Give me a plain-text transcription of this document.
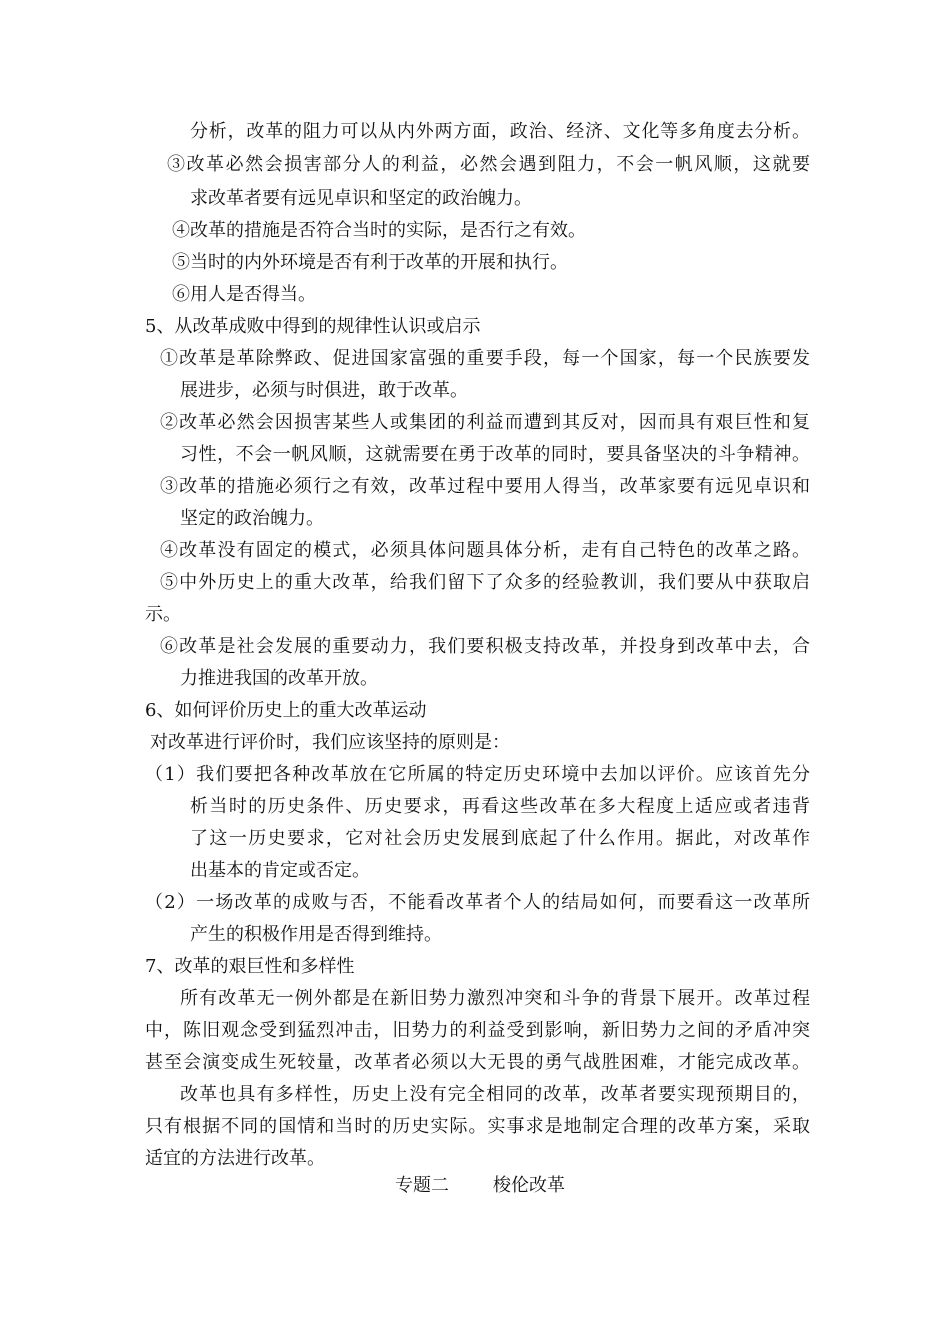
分析，改革的阻力可以从内外两方面，政治、经济、文化等多角度去分析。
③改革必然会损害部分人的利益，必然会遇到阻力，不会一帆风顺，这就要
求改革者要有远见卓识和坚定的政治魄力。
④改革的措施是否符合当时的实际，是否行之有效。
⑤当时的内外环境是否有利于改革的开展和执行。
⑥用人是否得当。
5、从改革成败中得到的规律性认识或启示
①改革是革除弊政、促进国家富强的重要手段，每一个国家，每一个民族要发
展进步，必须与时俱进，敢于改革。
②改革必然会因损害某些人或集团的利益而遭到其反对，因而具有艰巨性和复
习性，不会一帆风顺，这就需要在勇于改革的同时，要具备坚决的斗争精神。
③改革的措施必须行之有效，改革过程中要用人得当，改革家要有远见卓识和
坚定的政治魄力。
④改革没有固定的模式，必须具体问题具体分析，走有自己特色的改革之路。
⑤中外历史上的重大改革，给我们留下了众多的经验教训，我们要从中获取启
示。
⑥改革是社会发展的重要动力，我们要积极支持改革，并投身到改革中去，合
力推进我国的改革开放。
6、如何评价历史上的重大改革运动
对改革进行评价时，我们应该坚持的原则是：
（1）我们要把各种改革放在它所属的特定历史环境中去加以评价。应该首先分
析当时的历史条件、历史要求，再看这些改革在多大程度上适应或者违背
了这一历史要求，它对社会历史发展到底起了什么作用。据此，对改革作
出基本的肯定或否定。
（2）一场改革的成败与否，不能看改革者个人的结局如何，而要看这一改革所
产生的积极作用是否得到维持。
7、改革的艰巨性和多样性
所有改革无一例外都是在新旧势力激烈冲突和斗争的背景下展开。改革过程
中，陈旧观念受到猛烈冲击，旧势力的利益受到影响，新旧势力之间的矛盾冲突
甚至会演变成生死较量，改革者必须以大无畏的勇气战胜困难，才能完成改革。
改革也具有多样性，历史上没有完全相同的改革，改革者要实现预期目的，
只有根据不同的国情和当时的历史实际。实事求是地制定合理的改革方案，采取
适宜的方法进行改革。
专题二 梭伦改革
